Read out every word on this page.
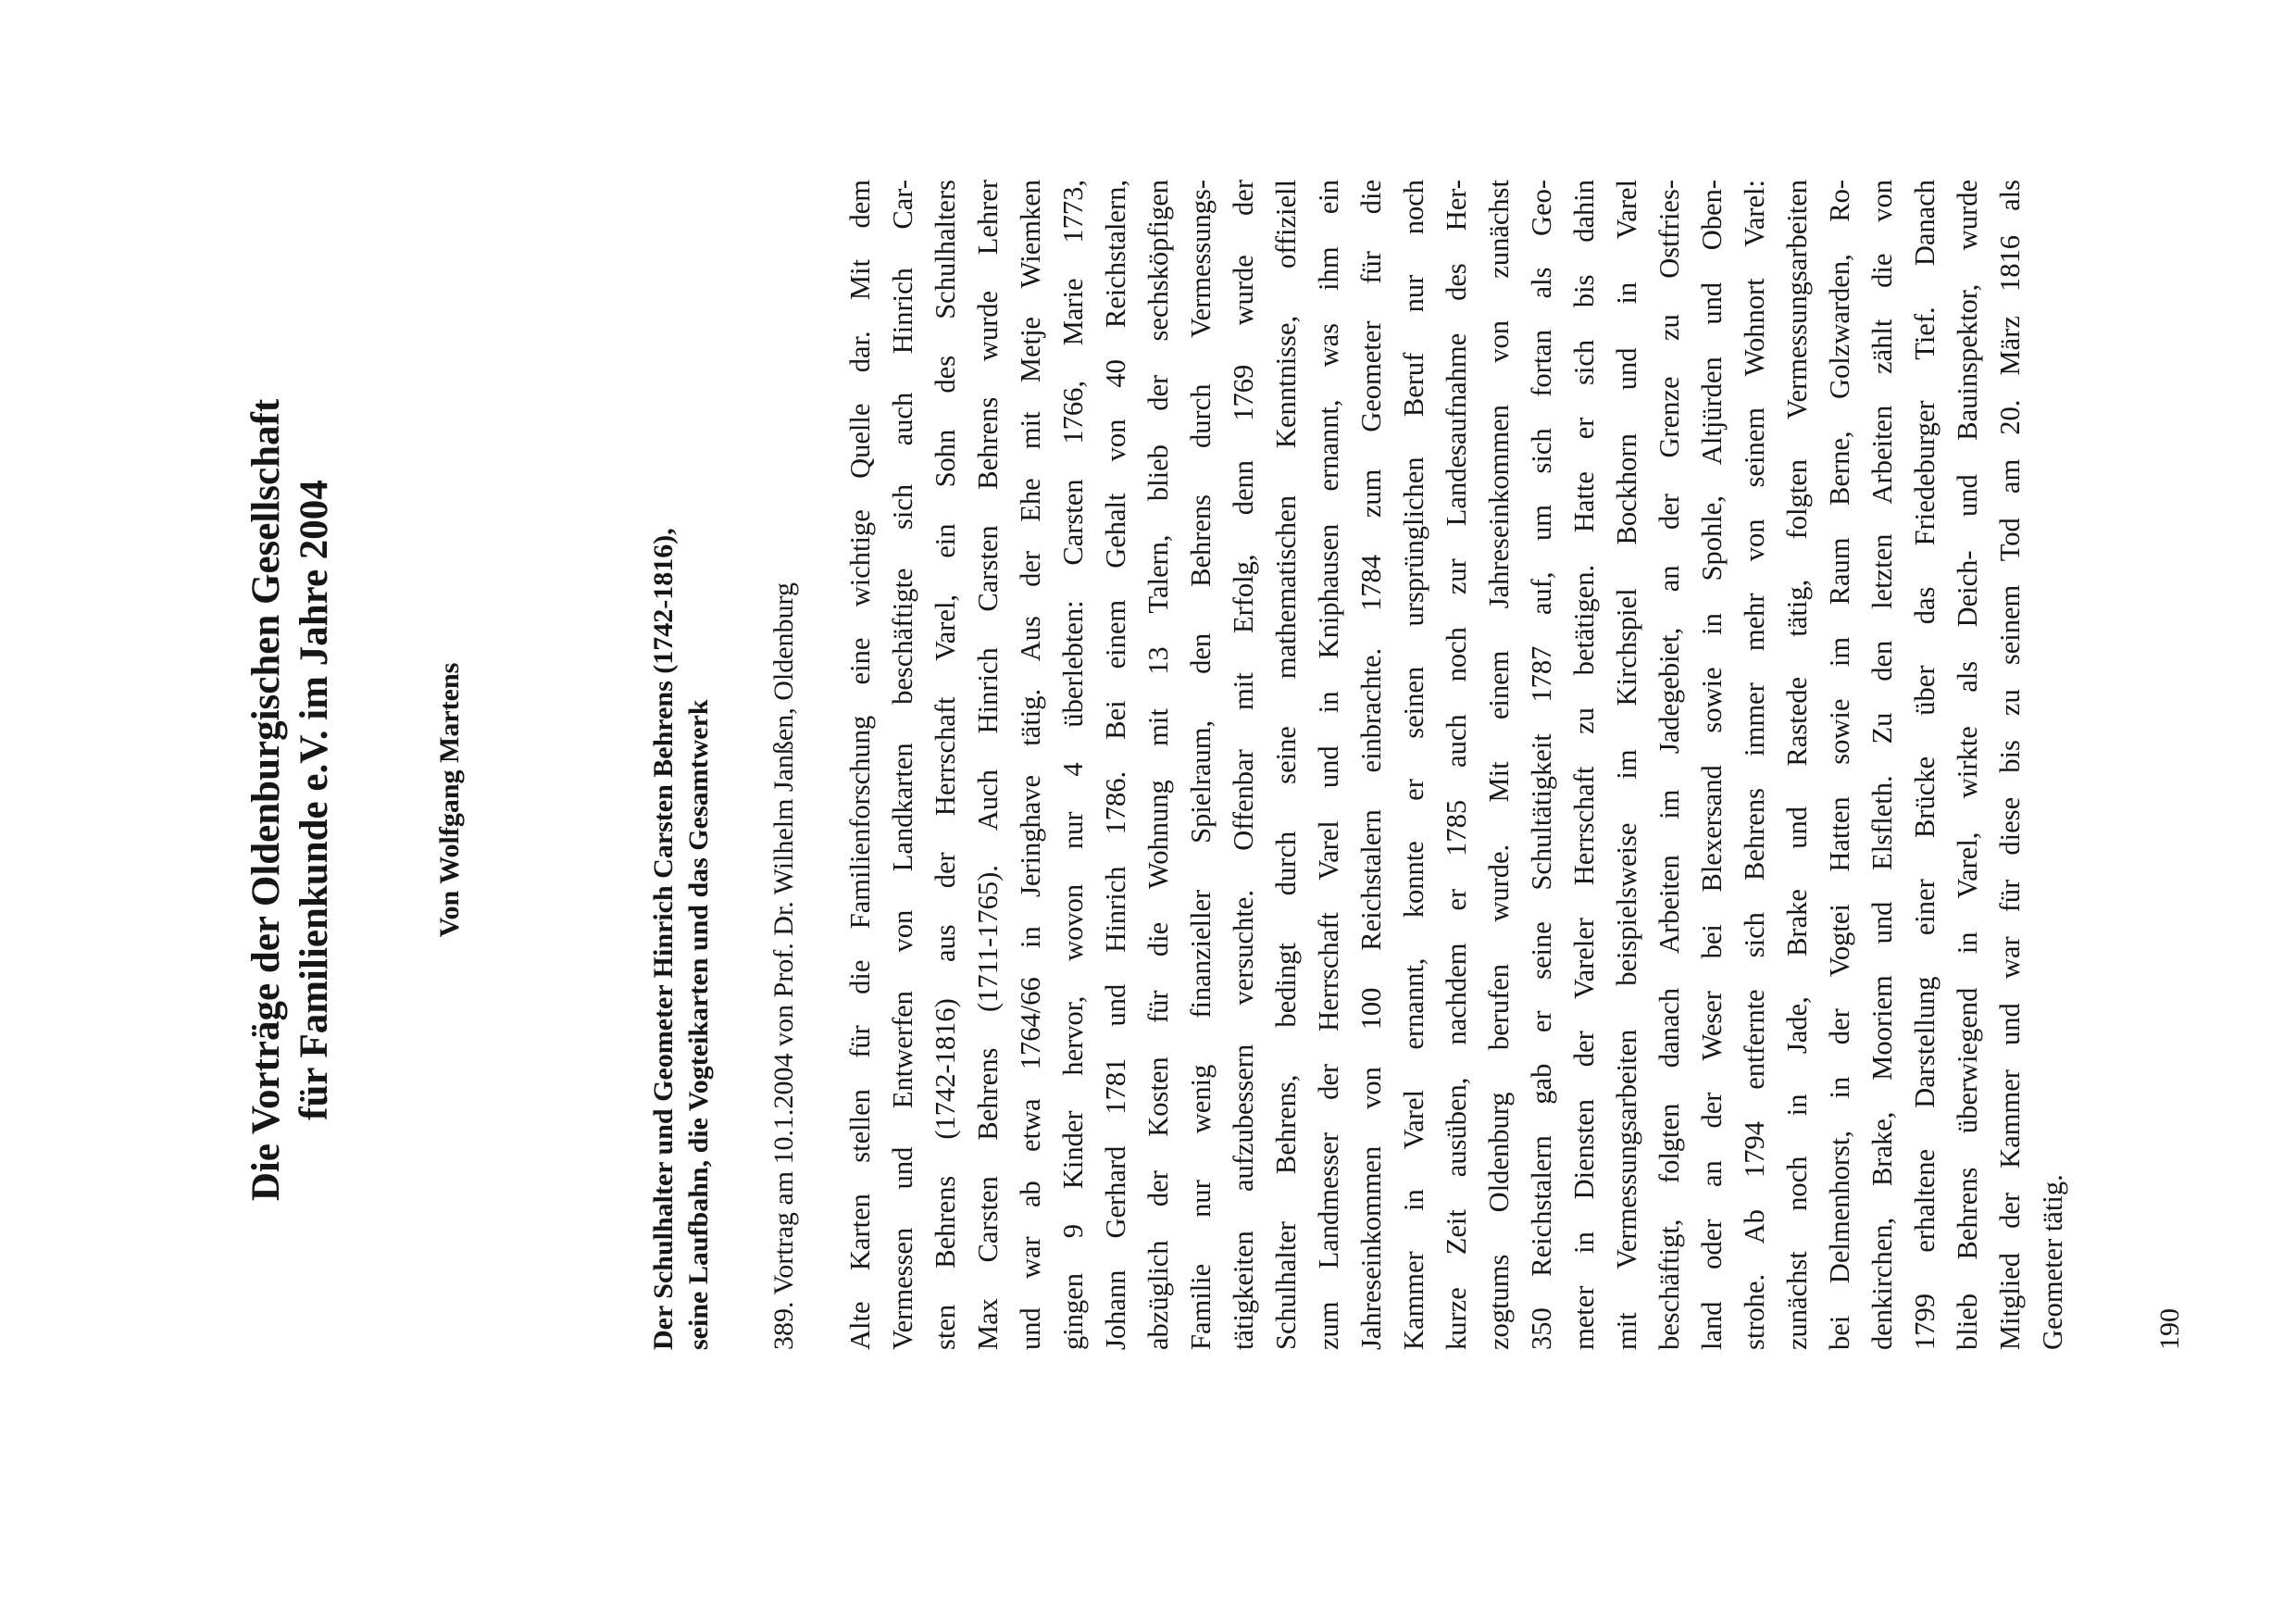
Die Vorträge der Oldenburgischen Gesellschaft für Familienkunde e.V. im Jahre 2004	Von Wolfgang Martens	Der Schulhalter und Geometer Hinrich Carsten Behrens (1742-1816), seine Laufbahn, die Vogteikarten und das Gesamtwerk 389. Vortrag am 10.1.2004 von Prof. Dr. Wilhelm Janßen, Oldenburg Alte Karten stellen für die Familienforschung eine wichtige Quelle dar. Mit dem Vermessen und Entwerfen von Landkarten beschäftigte sich auch Hinrich Car- sten Behrens (1742-1816) aus der Herrschaft Varel, ein Sohn des Schulhalters Max Carsten Behrens (1711-1765). Auch Hinrich Carsten Behrens wurde Lehrer und war ab etwa 1764/66 in Jeringhave tätig. Aus der Ehe mit Metje Wiemken gingen 9 Kinder hervor, wovon nur 4 überlebten: Carsten 1766, Marie 1773, Johann Gerhard 1781 und Hinrich 1786. Bei einem Gehalt von 40 Reichstalern, abzüglich der Kosten für die Wohnung mit 13 Talern, blieb der sechsköpfigen Familie nur wenig finanzieller Spielraum, den Behrens durch Vermessungs- tätigkeiten aufzubessern versuchte. Offenbar mit Erfolg, denn 1769 wurde der Schulhalter Behrens, bedingt durch seine mathematischen Kenntnisse, offiziell zum Landmesser der Herrschaft Varel und in Kniphausen ernannt, was ihm ein Jahreseinkommen von 100 Reichstalern einbrachte. 1784 zum Geometer für die Kammer in Varel ernannt, konnte er seinen ursprünglichen Beruf nur noch kurze Zeit ausüben, nachdem er 1785 auch noch zur Landesaufnahme des Her- zogtums Oldenburg berufen wurde. Mit einem Jahreseinkommen von zunächst 350 Reichstalern gab er seine Schultätigkeit 1787 auf, um sich fortan als Geo- meter in Diensten der Vareler Herrschaft zu betätigen. Hatte er sich bis dahin mit Vermessungsarbeiten beispielsweise im Kirchspiel Bockhorn und in Varel beschäftigt, folgten danach Arbeiten im Jadegebiet, an der Grenze zu Ostfries- land oder an der Weser bei Blexersand sowie in Spohle, Altjürden und Oben- strohe. Ab 1794 entfernte sich Behrens immer mehr von seinem Wohnort Varel: zunächst noch in Jade, Brake und Rastede tätig, folgten Vermessungsarbeiten bei Delmenhorst, in der Vogtei Hatten sowie im Raum Berne, Golzwarden, Ro- denkirchen, Brake, Mooriem und Elsfleth. Zu den letzten Arbeiten zählt die von 1799 erhaltene Darstellung einer Brücke über das Friedeburger Tief. Danach blieb Behrens überwiegend in Varel, wirkte als Deich- und Bauinspektor, wurde Mitglied der Kammer und war für diese bis zu seinem Tod am 20. März 1816 als Geometer tätig.	190
